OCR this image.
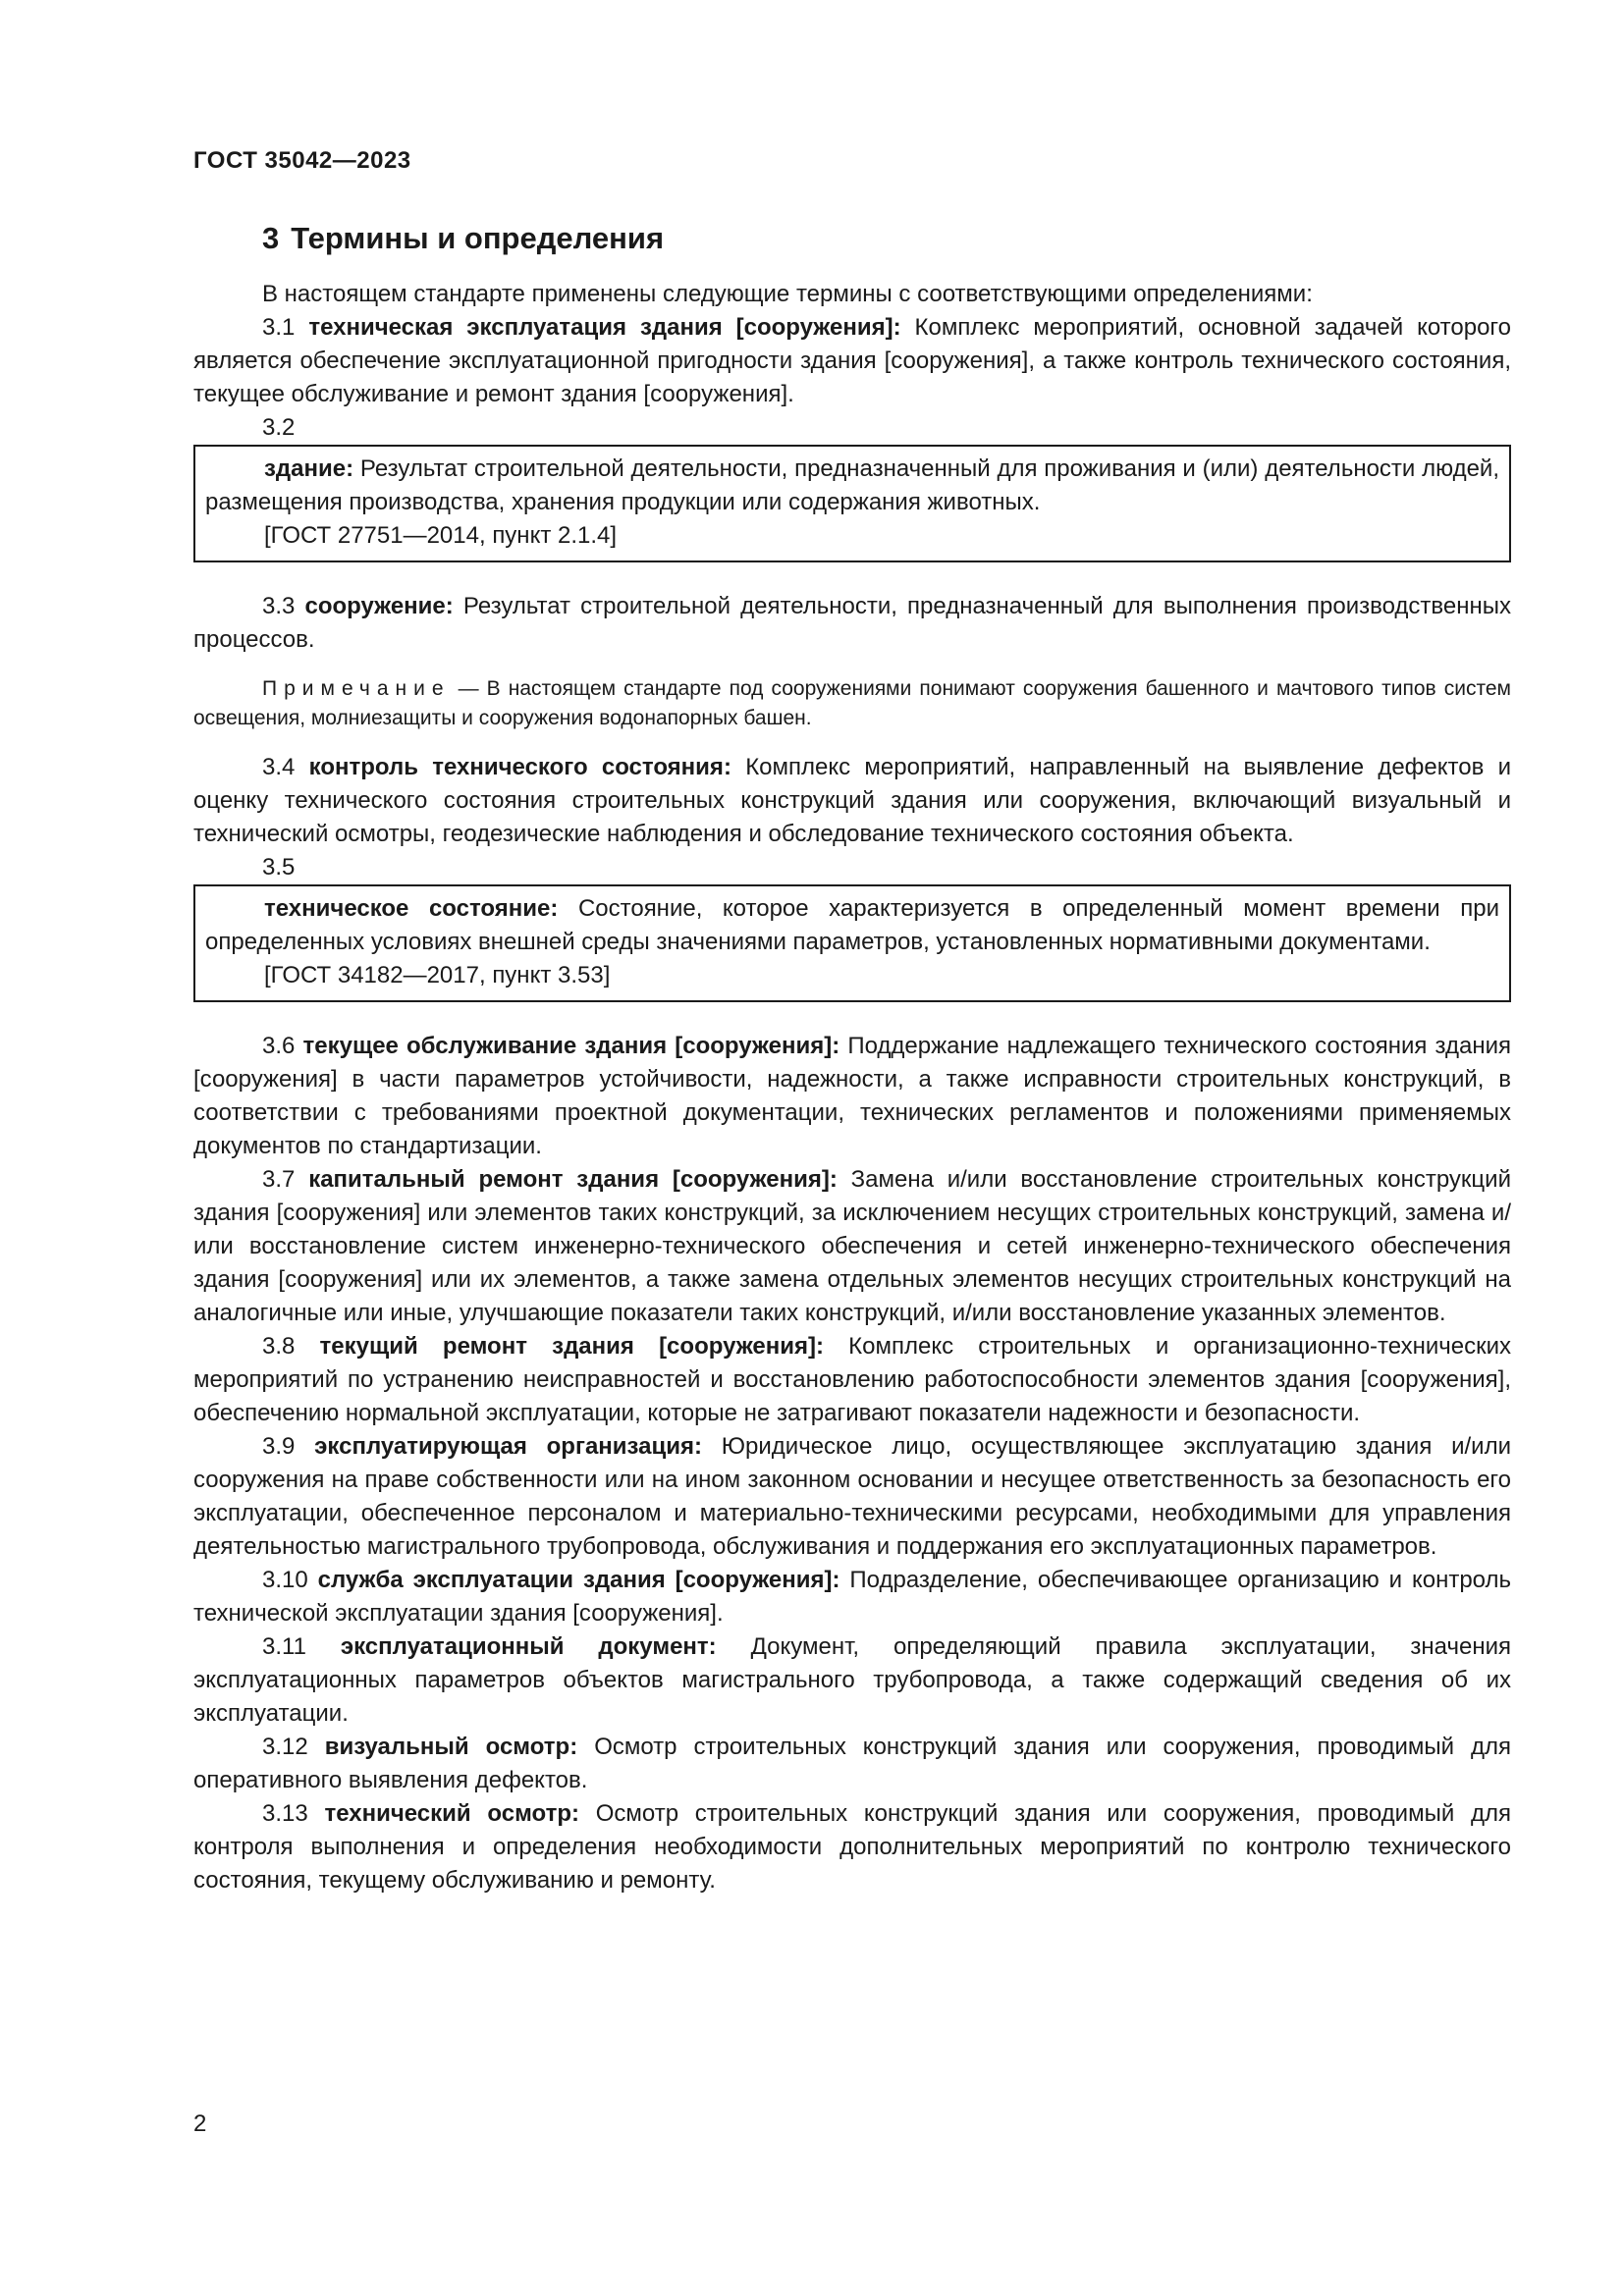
ГОСТ 35042—2023
3 Термины и определения

В настоящем стандарте применены следующие термины с соответствующими определениями:

3.1 техническая эксплуатация здания [сооружения]: Комплекс мероприятий, основной задачей которого является обеспечение эксплуатационной пригодности здания [сооружения], а также контроль технического состояния, текущее обслуживание и ремонт здания [сооружения].

3.2

здание: Результат строительной деятельности, предназначенный для проживания и (или) деятельности людей, размещения производства, хранения продукции или содержания животных.

[ГОСТ 27751—2014, пункт 2.1.4]

3.3 сооружение: Результат строительной деятельности, предназначенный для выполнения производственных процессов.

Примечание — В настоящем стандарте под сооружениями понимают сооружения башенного и мачтового типов систем освещения, молниезащиты и сооружения водонапорных башен.

3.4 контроль технического состояния: Комплекс мероприятий, направленный на выявление дефектов и оценку технического состояния строительных конструкций здания или сооружения, включающий визуальный и технический осмотры, геодезические наблюдения и обследование технического состояния объекта.

3.5

техническое состояние: Состояние, которое характеризуется в определенный момент времени при определенных условиях внешней среды значениями параметров, установленных нормативными документами.

[ГОСТ 34182—2017, пункт 3.53]

3.6 текущее обслуживание здания [сооружения]: Поддержание надлежащего технического состояния здания [сооружения] в части параметров устойчивости, надежности, а также исправности строительных конструкций, в соответствии с требованиями проектной документации, технических регламентов и положениями применяемых документов по стандартизации.

3.7 капитальный ремонт здания [сооружения]: Замена и/или восстановление строительных конструкций здания [сооружения] или элементов таких конструкций, за исключением несущих строительных конструкций, замена и/или восстановление систем инженерно-технического обеспечения и сетей инженерно-технического обеспечения здания [сооружения] или их элементов, а также замена отдельных элементов несущих строительных конструкций на аналогичные или иные, улучшающие показатели таких конструкций, и/или восстановление указанных элементов.

3.8 текущий ремонт здания [сооружения]: Комплекс строительных и организационно-технических мероприятий по устранению неисправностей и восстановлению работоспособности элементов здания [сооружения], обеспечению нормальной эксплуатации, которые не затрагивают показатели надежности и безопасности.

3.9 эксплуатирующая организация: Юридическое лицо, осуществляющее эксплуатацию здания и/или сооружения на праве собственности или на ином законном основании и несущее ответственность за безопасность его эксплуатации, обеспеченное персоналом и материально-техническими ресурсами, необходимыми для управления деятельностью магистрального трубопровода, обслуживания и поддержания его эксплуатационных параметров.

3.10 служба эксплуатации здания [сооружения]: Подразделение, обеспечивающее организацию и контроль технической эксплуатации здания [сооружения].

3.11 эксплуатационный документ: Документ, определяющий правила эксплуатации, значения эксплуатационных параметров объектов магистрального трубопровода, а также содержащий сведения об их эксплуатации.

3.12 визуальный осмотр: Осмотр строительных конструкций здания или сооружения, проводимый для оперативного выявления дефектов.

3.13 технический осмотр: Осмотр строительных конструкций здания или сооружения, проводимый для контроля выполнения и определения необходимости дополнительных мероприятий по контролю технического состояния, текущему обслуживанию и ремонту.

2
